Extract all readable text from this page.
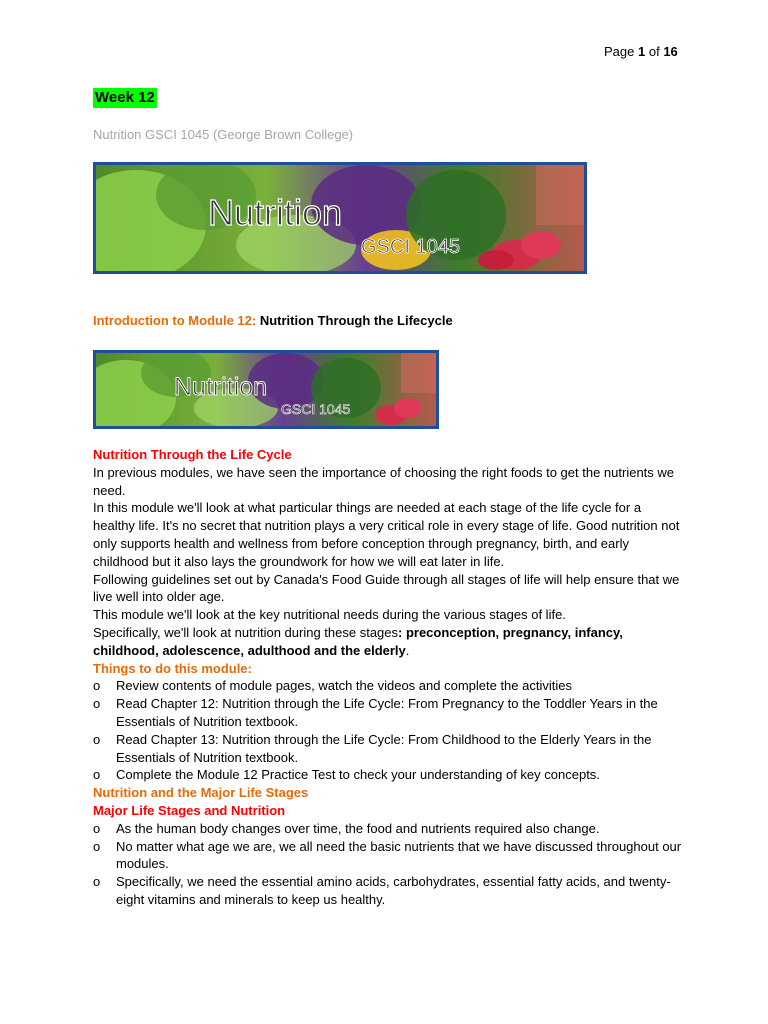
Page 1 of 16
Week 12
Nutrition GSCI 1045 (George Brown College)
Nutrition
GSCI 1045
Introduction to Module 12: Nutrition Through the Lifecycle
Nutrition
GSCI 1045

Nutrition Through the Life Cycle

In previous modules, we have seen the importance of choosing the right foods to get the nutrients we need.

In this module we'll look at what particular things are needed at each stage of the life cycle for a healthy life. It's no secret that nutrition plays a very critical role in every stage of life. Good nutrition not only supports health and wellness from before conception through pregnancy, birth, and early childhood but it also lays the groundwork for how we will eat later in life.

Following guidelines set out by Canada's Food Guide through all stages of life will help ensure that we live well into older age.

This module we'll look at the key nutritional needs during the various stages of life.

Specifically, we'll look at nutrition during these stages: preconception, pregnancy, infancy, childhood, adolescence, adulthood and the elderly.

Things to do this module:

o Review contents of module pages, watch the videos and complete the activities
o Read Chapter 12: Nutrition through the Life Cycle: From Pregnancy to the Toddler Years in the Essentials of Nutrition textbook.
o Read Chapter 13: Nutrition through the Life Cycle: From Childhood to the Elderly Years in the Essentials of Nutrition textbook.
o Complete the Module 12 Practice Test to check your understanding of key concepts.

Nutrition and the Major Life Stages

Major Life Stages and Nutrition

o As the human body changes over time, the food and nutrients required also change.
o No matter what age we are, we all need the basic nutrients that we have discussed throughout our modules.
o Specifically, we need the essential amino acids, carbohydrates, essential fatty acids, and twenty-eight vitamins and minerals to keep us healthy.
